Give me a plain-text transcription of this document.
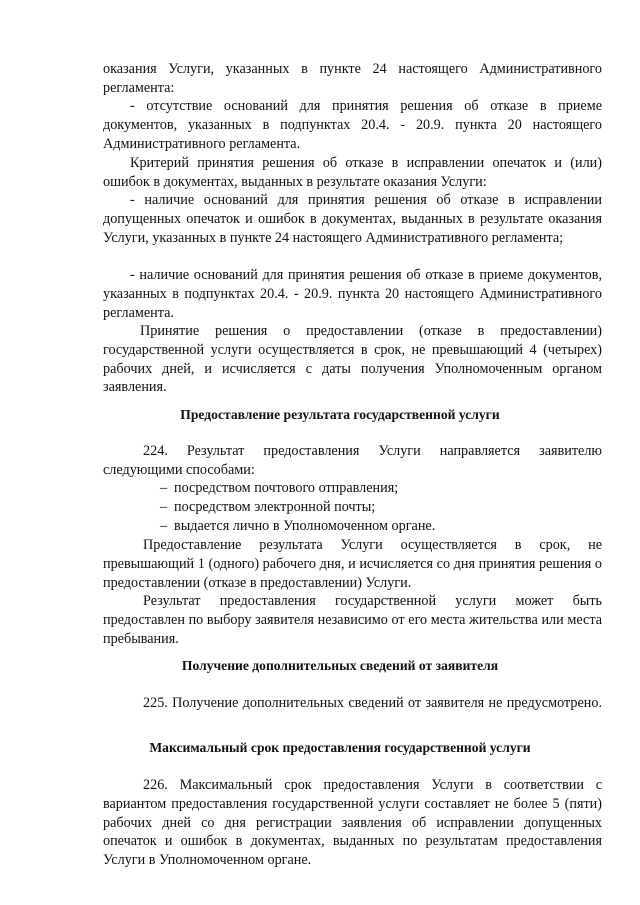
оказания Услуги, указанных в пункте 24 настоящего Административного регламента:

- отсутствие оснований для принятия решения об отказе в приеме документов, указанных в подпунктах 20.4. - 20.9. пункта 20 настоящего Административного регламента.

Критерий принятия решения об отказе в исправлении опечаток и (или) ошибок в документах, выданных в результате оказания Услуги:

- наличие оснований для принятия решения об отказе в исправлении допущенных опечаток и ошибок в документах, выданных в результате оказания Услуги, указанных в пункте 24 настоящего Административного регламента;

- наличие оснований для принятия решения об отказе в приеме документов, указанных в подпунктах 20.4. - 20.9. пункта 20 настоящего Административного регламента.

Принятие решения о предоставлении (отказе в предоставлении) государственной услуги осуществляется в срок, не превышающий 4 (четырех) рабочих дней, и исчисляется с даты получения Уполномоченным органом заявления.

Предоставление результата государственной услуги

224. Результат предоставления Услуги направляется заявителю следующими способами:

– посредством почтового отправления;
– посредством электронной почты;
– выдается лично в Уполномоченном органе.

Предоставление результата Услуги осуществляется в срок, не превышающий 1 (одного) рабочего дня, и исчисляется со дня принятия решения о предоставлении (отказе в предоставлении) Услуги.

Результат предоставления государственной услуги может быть предоставлен по выбору заявителя независимо от его места жительства или места пребывания.

Получение дополнительных сведений от заявителя

225. Получение дополнительных сведений от заявителя не предусмотрено.

Максимальный срок предоставления государственной услуги

226. Максимальный срок предоставления Услуги в соответствии с вариантом предоставления государственной услуги составляет не более 5 (пяти) рабочих дней со дня регистрации заявления об исправлении допущенных опечаток и ошибок в документах, выданных по результатам предоставления Услуги в Уполномоченном органе.
